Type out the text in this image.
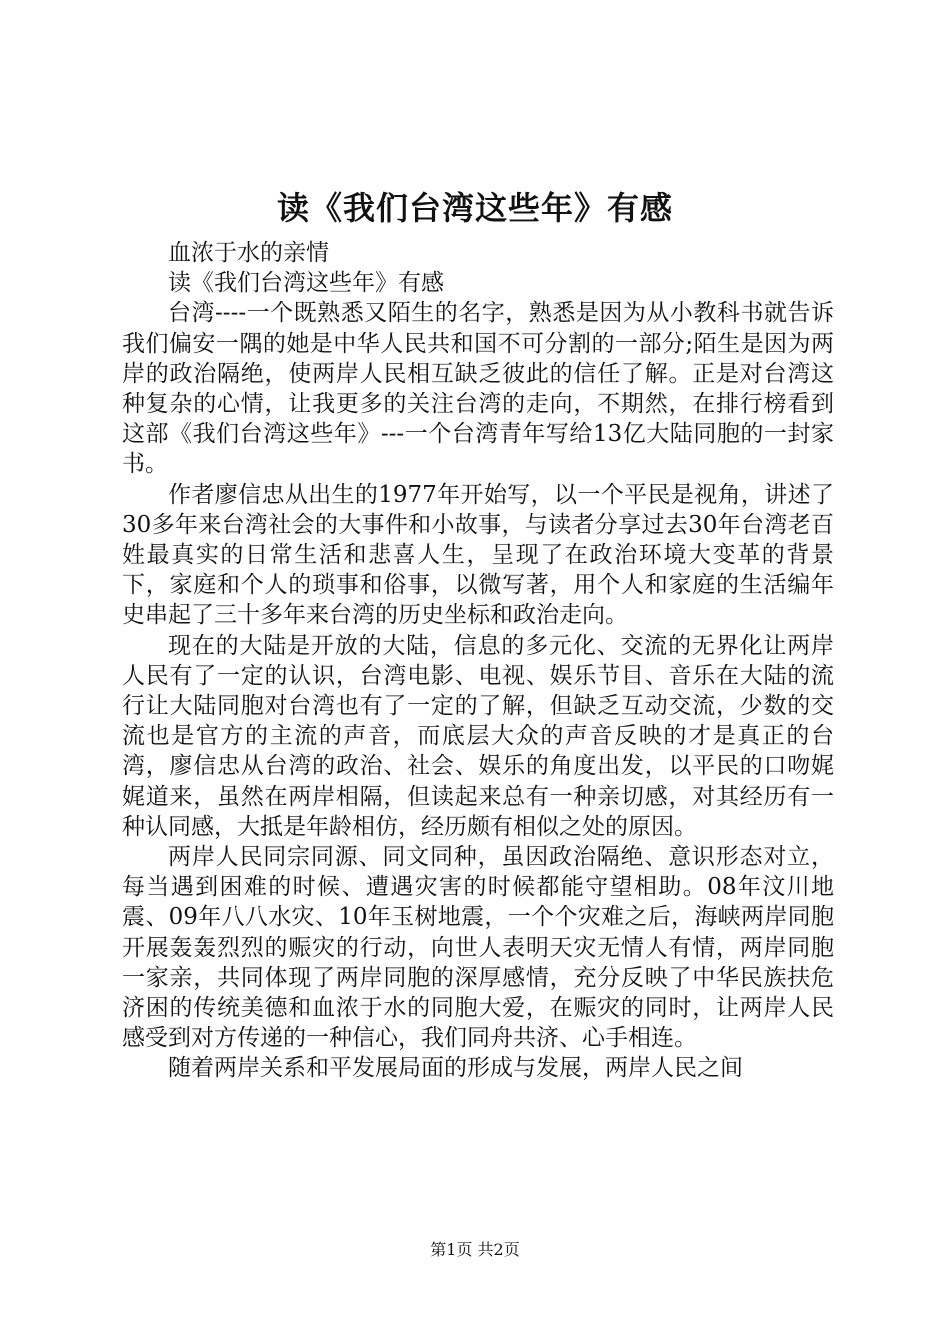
读《我们台湾这些年》有感

血浓于水的亲情

读《我们台湾这些年》有感

台湾----一个既熟悉又陌生的名字，熟悉是因为从小教科书就告诉我们偏安一隅的她是中华人民共和国不可分割的一部分;陌生是因为两岸的政治隔绝，使两岸人民相互缺乏彼此的信任了解。正是对台湾这种复杂的心情，让我更多的关注台湾的走向，不期然，在排行榜看到这部《我们台湾这些年》---一个台湾青年写给13亿大陆同胞的一封家书。

作者廖信忠从出生的1977年开始写，以一个平民是视角，讲述了30多年来台湾社会的大事件和小故事，与读者分享过去30年台湾老百姓最真实的日常生活和悲喜人生，呈现了在政治环境大变革的背景下，家庭和个人的琐事和俗事，以微写著，用个人和家庭的生活编年史串起了三十多年来台湾的历史坐标和政治走向。

现在的大陆是开放的大陆，信息的多元化、交流的无界化让两岸人民有了一定的认识，台湾电影、电视、娱乐节目、音乐在大陆的流行让大陆同胞对台湾也有了一定的了解，但缺乏互动交流，少数的交流也是官方的主流的声音，而底层大众的声音反映的才是真正的台湾，廖信忠从台湾的政治、社会、娱乐的角度出发，以平民的口吻娓娓道来，虽然在两岸相隔，但读起来总有一种亲切感，对其经历有一种认同感，大抵是年龄相仿，经历颇有相似之处的原因。

两岸人民同宗同源、同文同种，虽因政治隔绝、意识形态对立，每当遇到困难的时候、遭遇灾害的时候都能守望相助。08年汶川地震、09年八八水灾、10年玉树地震，一个个灾难之后，海峡两岸同胞开展轰轰烈烈的赈灾的行动，向世人表明天灾无情人有情，两岸同胞一家亲，共同体现了两岸同胞的深厚感情，充分反映了中华民族扶危济困的传统美德和血浓于水的同胞大爱，在赈灾的同时，让两岸人民感受到对方传递的一种信心，我们同舟共济、心手相连。

随着两岸关系和平发展局面的形成与发展，两岸人民之间

第1页 共2页
